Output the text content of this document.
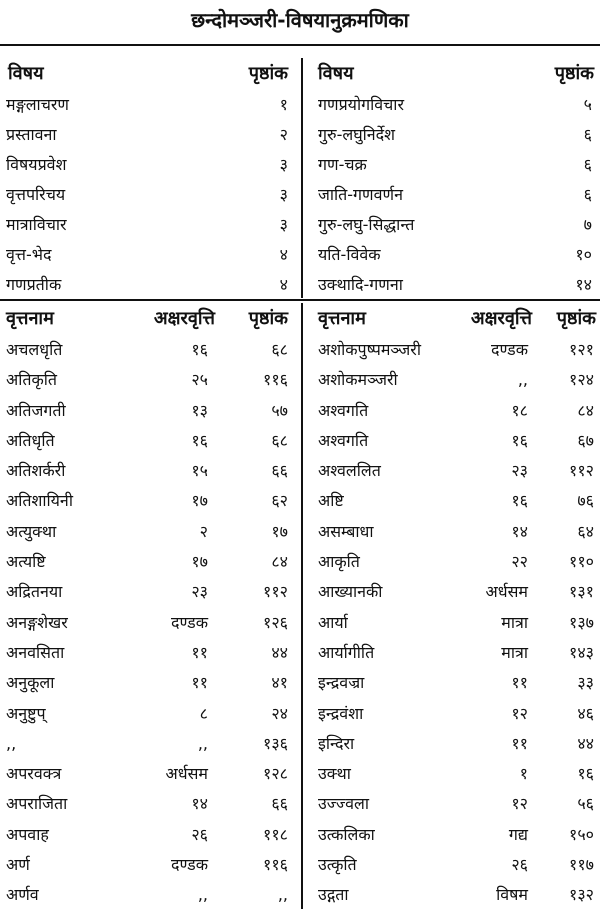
छन्दोमञ्जरी-विषयानुक्रमणिका
विषय	पृष्ठांक विषय	पृष्ठांक
मङ्गलाचरण	१ गणप्रयोगविचार	५
प्रस्तावना	२ गुरु-लघुनिर्देश	६
विषयप्रवेश	३ गण-चक्र	६
वृत्तपरिचय	३ जाति-गणवर्णन	६
मात्राविचार	३ गुरु-लघु-सिद्धान्त	७
वृत्त-भेद	४ यति-विवेक	१०
गणप्रतीक	४ उक्थादि-गणना	१४
वृत्तनाम	अक्षरवृत्ति पृष्ठांक वृत्तनाम	अक्षरवृत्ति पृष्ठांक
अचलधृति	१६	६८ अशोकपुष्पमञ्जरी	दण्डक	१२१
अतिकृति	२५	११६ अशोकमञ्जरी	,,	१२४
अतिजगती	१३	५७ अश्वगति	१८	८४
अतिधृति	१६	६८ अश्वगति	१६	६७
अतिशर्करी	१५	६६ अश्वललित	२३	११२
अतिशायिनी	१७	६२ अष्टि	१६	७६
अत्युक्था	२	१७ असम्बाधा	१४	६४
अत्यष्टि	१७	८४ आकृति	२२	११०
अद्रितनया	२३	११२ आख्यानकी	अर्धसम	१३१
अनङ्गशेखर	दण्डक	१२६ आर्या	मात्रा	१३७
अनवसिता	११	४४ आर्यागीति	मात्रा	१४३
अनुकूला	११	४१ इन्द्रवज्रा	११	३३
अनुष्टुप्	८	२४ इन्द्रवंशा	१२	४६
,,	,,	१३६ इन्दिरा	११	४४
अपरवक्त्र	अर्धसम	१२८ उक्था	१	१६
अपराजिता	१४	६६ उज्ज्वला	१२	५६
अपवाह	२६	११८ उत्कलिका	गद्य	१५०
अर्ण	दण्डक	११६ उत्कृति	२६	११७
अर्णव	,,	,, उद्गता	विषम	१३२
